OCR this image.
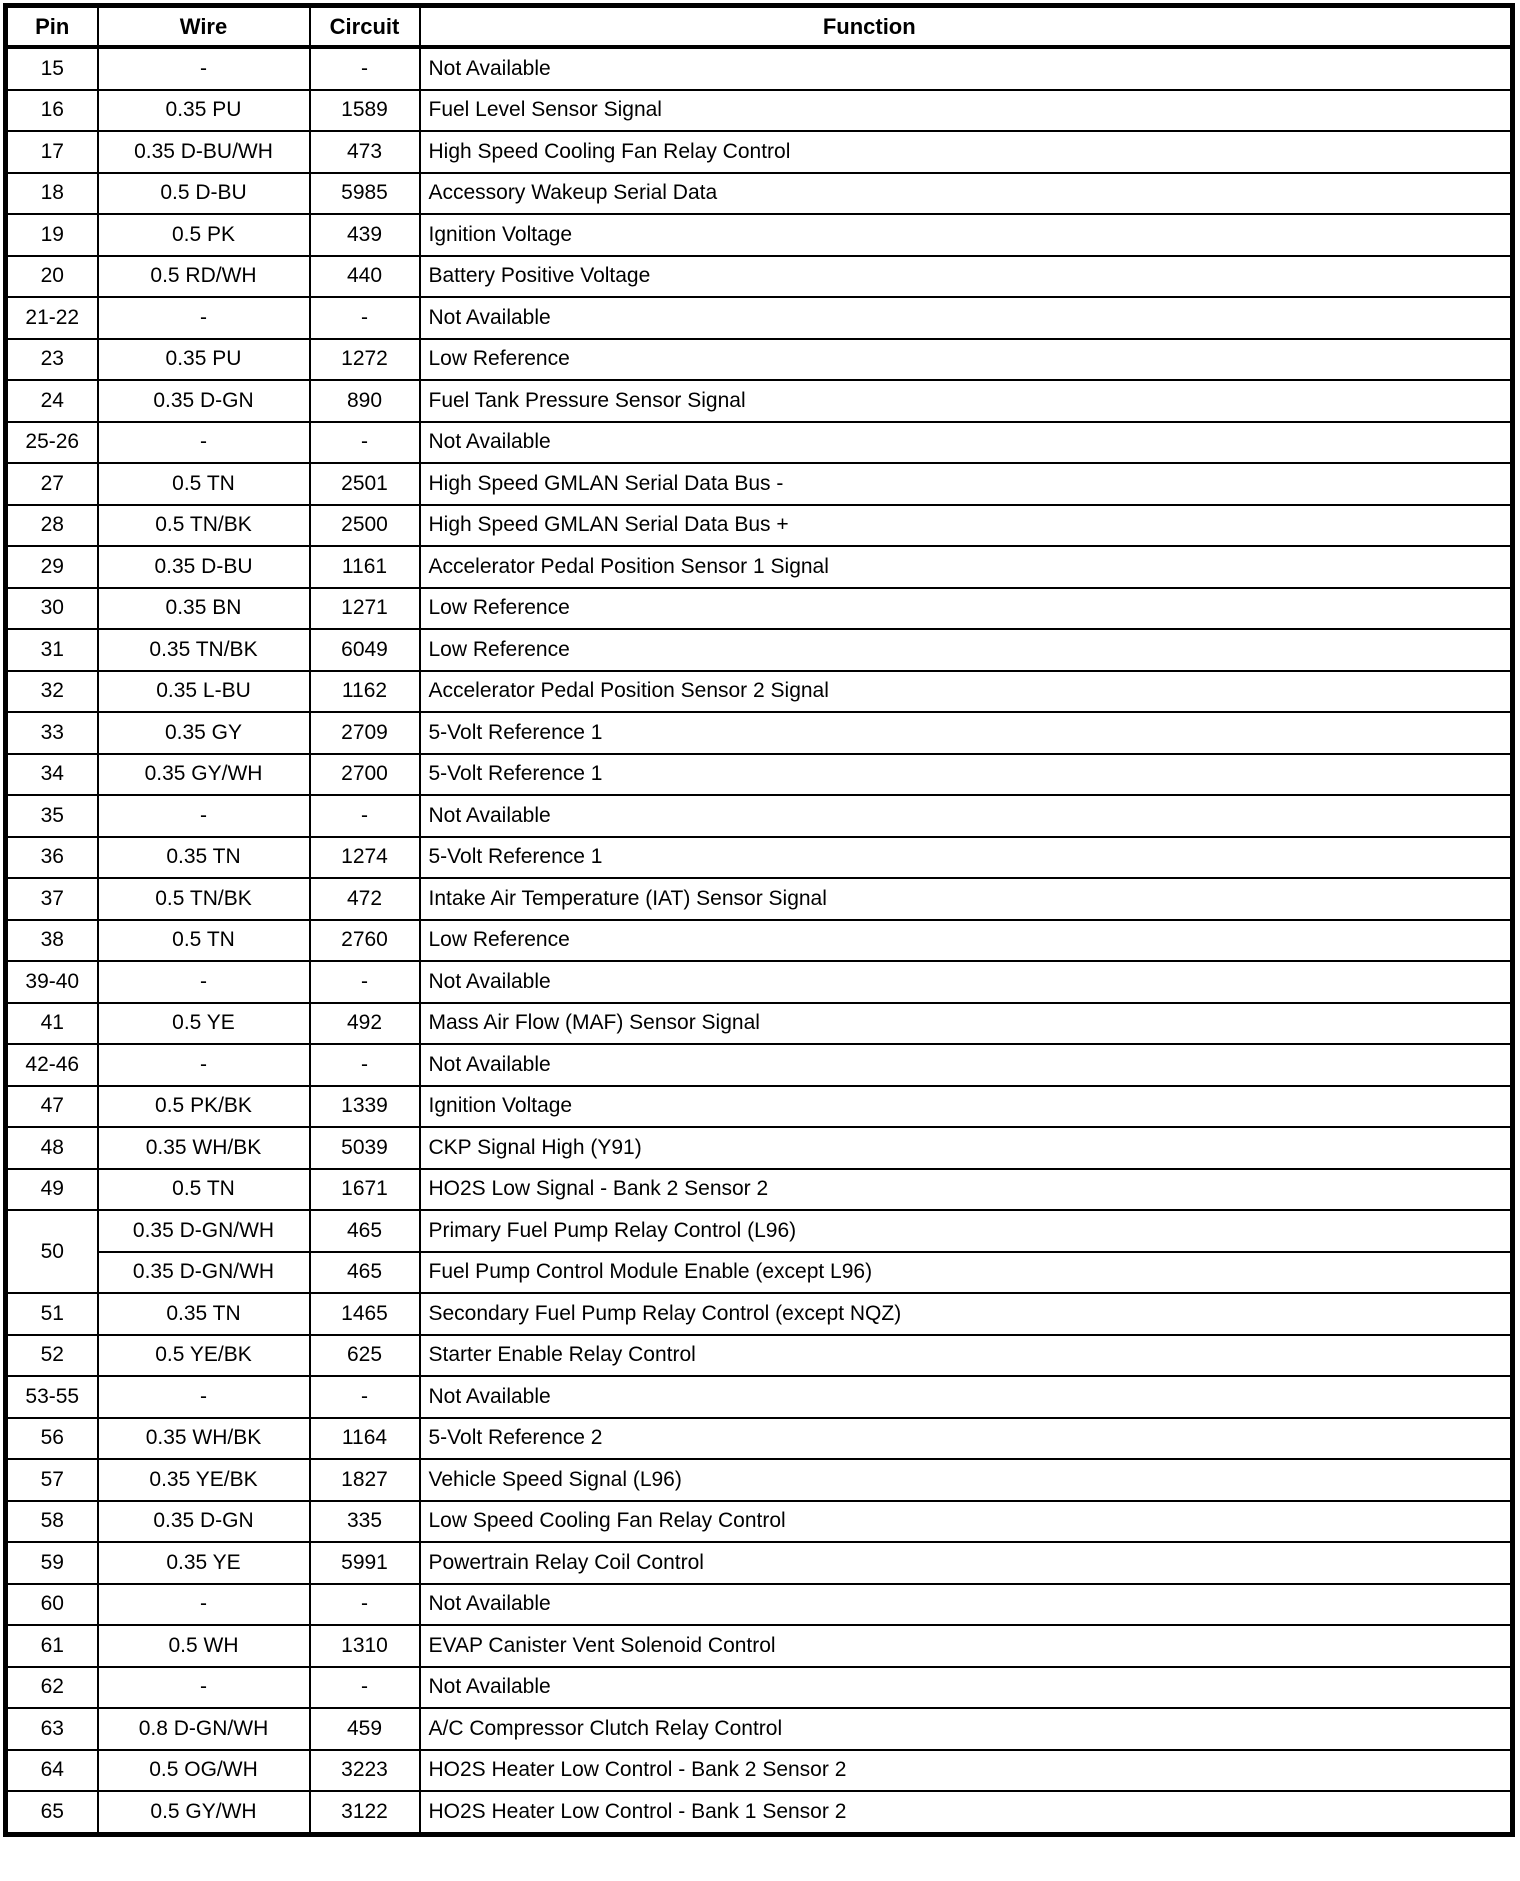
Pin	Wire	Circuit	Function
15	-	-	Not Available
16	0.35 PU	1589	Fuel Level Sensor Signal
17	0.35 D-BU/WH	473	High Speed Cooling Fan Relay Control
18	0.5 D-BU	5985	Accessory Wakeup Serial Data
19	0.5 PK	439	Ignition Voltage
20	0.5 RD/WH	440	Battery Positive Voltage
21-22	-	-	Not Available
23	0.35 PU	1272	Low Reference
24	0.35 D-GN	890	Fuel Tank Pressure Sensor Signal
25-26	-	-	Not Available
27	0.5 TN	2501	High Speed GMLAN Serial Data Bus -
28	0.5 TN/BK	2500	High Speed GMLAN Serial Data Bus +
29	0.35 D-BU	1161	Accelerator Pedal Position Sensor 1 Signal
30	0.35 BN	1271	Low Reference
31	0.35 TN/BK	6049	Low Reference
32	0.35 L-BU	1162	Accelerator Pedal Position Sensor 2 Signal
33	0.35 GY	2709	5-Volt Reference 1
34	0.35 GY/WH	2700	5-Volt Reference 1
35	-	-	Not Available
36	0.35 TN	1274	5-Volt Reference 1
37	0.5 TN/BK	472	Intake Air Temperature (IAT) Sensor Signal
38	0.5 TN	2760	Low Reference
39-40	-	-	Not Available
41	0.5 YE	492	Mass Air Flow (MAF) Sensor Signal
42-46	-	-	Not Available
47	0.5 PK/BK	1339	Ignition Voltage
48	0.35 WH/BK	5039	CKP Signal High (Y91)
49	0.5 TN	1671	HO2S Low Signal - Bank 2 Sensor 2
50	0.35 D-GN/WH	465	Primary Fuel Pump Relay Control (L96)
	0.35 D-GN/WH	465	Fuel Pump Control Module Enable (except L96)
51	0.35 TN	1465	Secondary Fuel Pump Relay Control (except NQZ)
52	0.5 YE/BK	625	Starter Enable Relay Control
53-55	-	-	Not Available
56	0.35 WH/BK	1164	5-Volt Reference 2
57	0.35 YE/BK	1827	Vehicle Speed Signal (L96)
58	0.35 D-GN	335	Low Speed Cooling Fan Relay Control
59	0.35 YE	5991	Powertrain Relay Coil Control
60	-	-	Not Available
61	0.5 WH	1310	EVAP Canister Vent Solenoid Control
62	-	-	Not Available
63	0.8 D-GN/WH	459	A/C Compressor Clutch Relay Control
64	0.5 OG/WH	3223	HO2S Heater Low Control - Bank 2 Sensor 2
65	0.5 GY/WH	3122	HO2S Heater Low Control - Bank 1 Sensor 2
